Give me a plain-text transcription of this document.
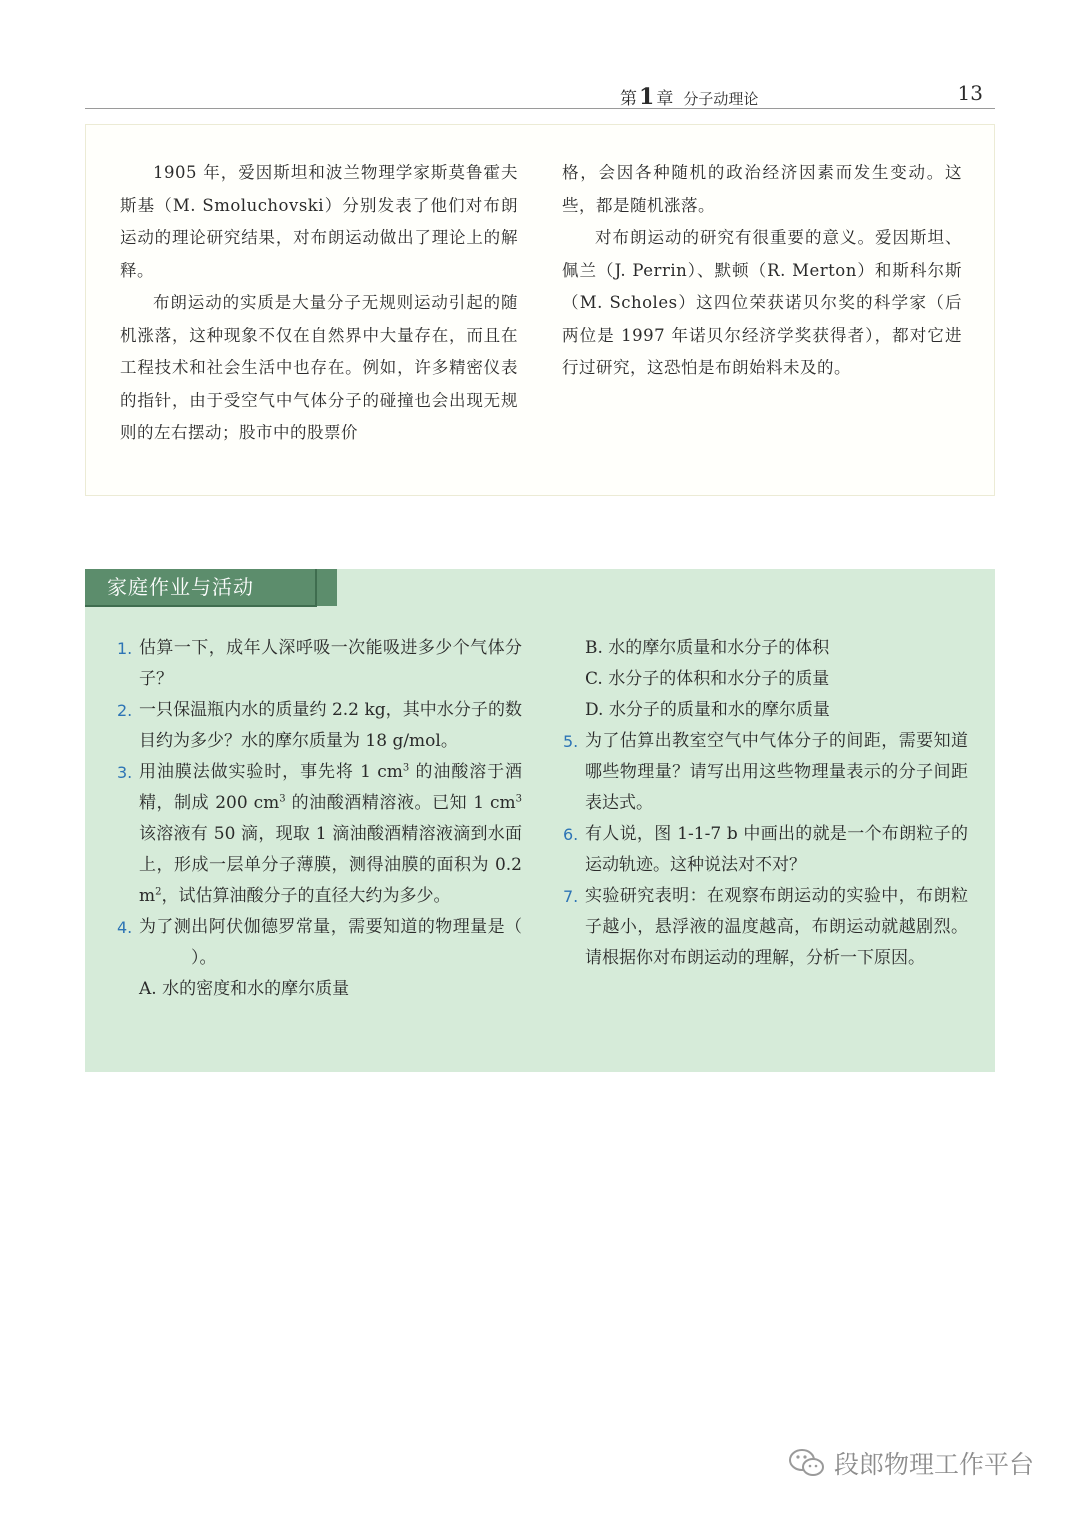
第1 章 分子动理论	13

1905 年，爱因斯坦和波兰物理学家斯莫鲁霍夫斯基（M. Smoluchovski）分别发表了他们对布朗运动的理论研究结果，对布朗运动做出了理论上的解释。

布朗运动的实质是大量分子无规则运动引起的随机涨落，这种现象不仅在自然界中大量存在，而且在工程技术和社会生活中也存在。例如，许多精密仪表的指针，由于受空气中气体分子的碰撞也会出现无规则的左右摆动；股市中的股票价

格，会因各种随机的政治经济因素而发生变动。这些，都是随机涨落。

对布朗运动的研究有很重要的意义。爱因斯坦、佩兰（J. Perrin）、默顿（R. Merton）和斯科尔斯（M. Scholes）这四位荣获诺贝尔奖的科学家（后两位是 1997 年诺贝尔经济学奖获得者），都对它进行过研究，这恐怕是布朗始料未及的。

家庭作业与活动
1. 估算一下，成年人深呼吸一次能吸进多少个气体分子？
2. 一只保温瓶内水的质量约 2.2 kg，其中水分子的数目约为多少？水的摩尔质量为 18 g/mol。
3. 用油膜法做实验时，事先将 1 $cm^3$ 的油酸溶于酒精，制成 200 $cm^3$ 的油酸酒精溶液。已知 1 $cm^3$ 该溶液有 50 滴，现取 1 滴油酸酒精溶液滴到水面上，形成一层单分子薄膜，测得油膜的面积为 0.2 $m^2$，试估算油酸分子的直径大约为多少。
4. 为了测出阿伏伽德罗常量，需要知道的物理量是（）。
A. 水的密度和水的摩尔质量
B. 水的摩尔质量和水分子的体积
C. 水分子的体积和水分子的质量
D. 水分子的质量和水的摩尔质量
5. 为了估算出教室空气中气体分子的间距，需要知道哪些物理量？请写出用这些物理量表示的分子间距表达式。
6. 有人说，图 1-1-7 b 中画出的就是一个布朗粒子的运动轨迹。这种说法对不对？
7. 实验研究表明：在观察布朗运动的实验中，布朗粒子越小，悬浮液的温度越高，布朗运动就越剧烈。请根据你对布朗运动的理解，分析一下原因。
段郎物理工作平台
